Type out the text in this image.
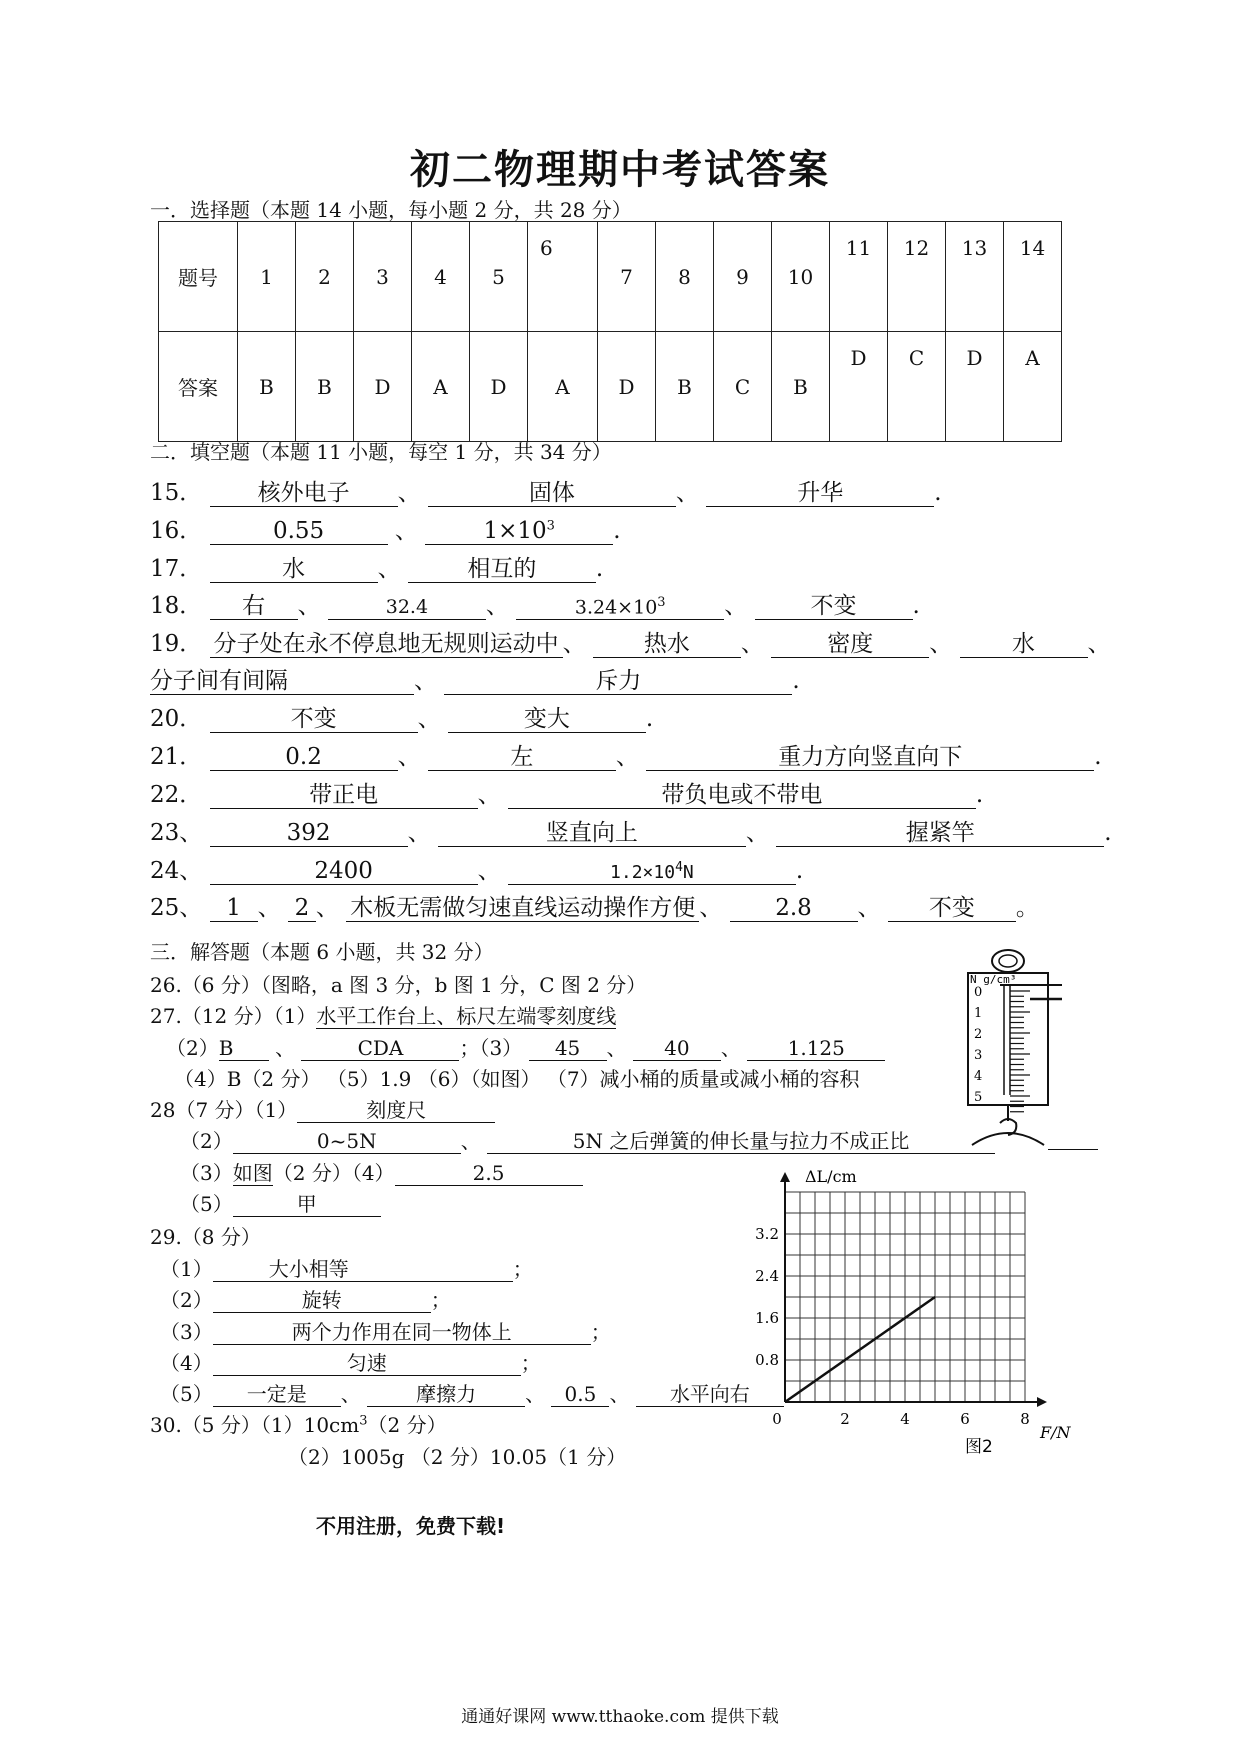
初二物理期中考试答案
一．选择题（本题 14 小题，每小题 2 分，共 28 分）
题号	1	2	3	4	5	6	7	8	9	10	11	12	13	14
答案	B	B	D	A	D	A	D	B	C	B	D	C	D	A
二．填空题（本题 11 小题，每空 1 分，共 34 分）
15． 核外电子 、	固体	、	升华	.
16．	0.55	、	$1\times 10^3$	.
17．	水	、	相互的	.
18． 右 、	32.4	、	$3.24\times 10^3$	、 不变 .
19． 分子处在永不停息地无规则运动中 、 热水 、 密度 、 水 、
分子间有间隔	、	斥力	.
20．	不变	、	变大	.
21．	0.2	、	左	、	重力方向竖直向下	.
22．	带正电	、	带负电或不带电	.
23、	392	、	竖直向上	、	握紧竿	.
24、	2400	、	$1.2\times 10^4N$	.
25、 1 、 2 、 木板无需做匀速直线运动操作方便 、 2.8 、 不变 。
三．解答题（本题 6 小题，共 32 分）
26.（6 分）（图略，a 图 3 分，b 图 1 分，C 图 2 分）
27.（12 分）（1）水平工作台上、标尺左端零刻度线
（2）B 、	CDA	；（3） 45 、 40 、 1.125
（4）B（2 分） （5）1.9 （6）（如图） （7）减小桶的质量或减小桶的容积
28（7 分）（1）	刻度尺
（2）	0~5N	、	5N 之后弹簧的伸长量与拉力不成正比
（3）如图（2 分）（4）	2.5
（5）	甲
29.（8 分）
（1）	大小相等	；
（2）	旋转	；
（3）	两个力作用在同一物体上	；
（4）	匀速	；
（5） 一定是 、 摩擦力 、 0.5 、 水平向右
30.（5 分）$(1)10cm^3(2$ 分）
（2）1005g （2 分）10.05（1 分）
不用注册，免费下载!
通通好课网 www.tthaoke.com 提供下载
N g/cm³
0
1
2
3
4
5
ΔL/cm
0.8
1.6
2.4
3.2
0	2	4	6	8
F/N
图2
